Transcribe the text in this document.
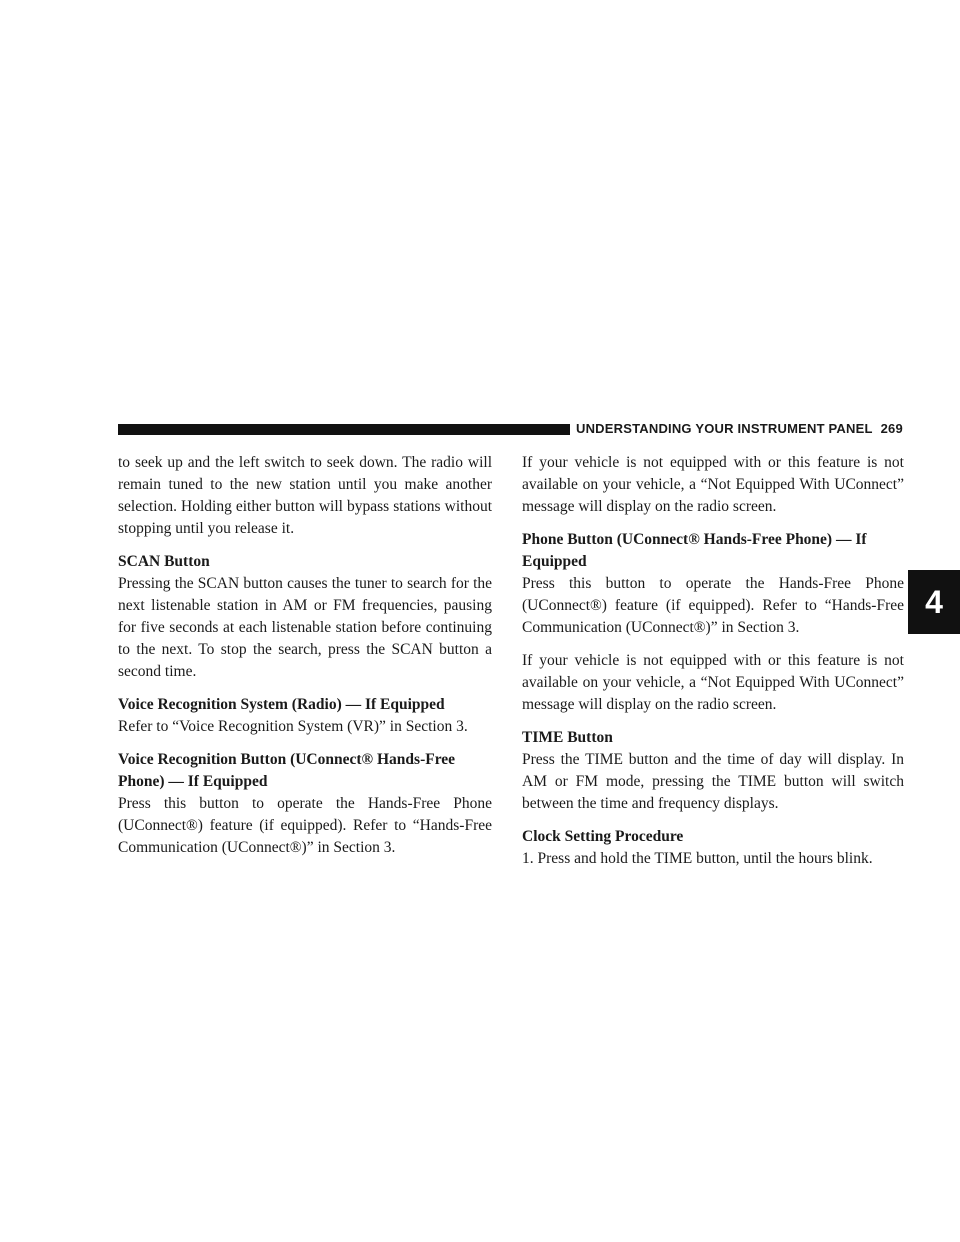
UNDERSTANDING YOUR INSTRUMENT PANEL 269
4

to seek up and the left switch to seek down. The radio will remain tuned to the new station until you make another selection. Holding either button will bypass stations without stopping until you release it.

SCAN Button

Pressing the SCAN button causes the tuner to search for the next listenable station in AM or FM frequencies, pausing for five seconds at each listenable station before continuing to the next. To stop the search, press the SCAN button a second time.

Voice Recognition System (Radio) — If Equipped

Refer to “Voice Recognition System (VR)” in Section 3.

Voice Recognition Button (UConnect® Hands-Free Phone) — If Equipped

Press this button to operate the Hands-Free Phone (UConnect®) feature (if equipped). Refer to “Hands-Free Communication (UConnect®)” in Section 3.

If your vehicle is not equipped with or this feature is not available on your vehicle, a “Not Equipped With UConnect” message will display on the radio screen.

Phone Button (UConnect® Hands-Free Phone) — If Equipped

Press this button to operate the Hands-Free Phone (UConnect®) feature (if equipped). Refer to “Hands-Free Communication (UConnect®)” in Section 3.

If your vehicle is not equipped with or this feature is not available on your vehicle, a “Not Equipped With UConnect” message will display on the radio screen.

TIME Button

Press the TIME button and the time of day will display. In AM or FM mode, pressing the TIME button will switch between the time and frequency displays.

Clock Setting Procedure

1. Press and hold the TIME button, until the hours blink.
